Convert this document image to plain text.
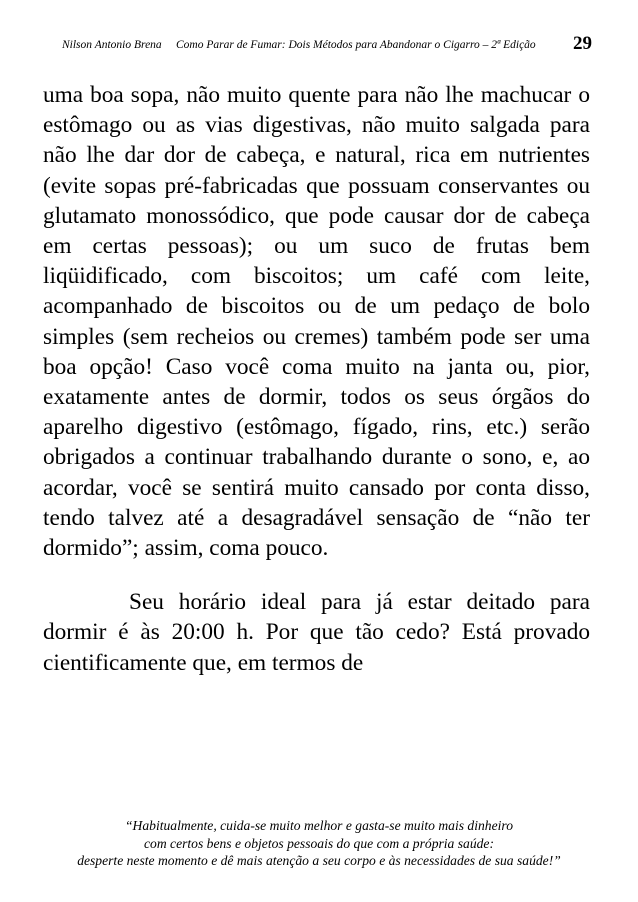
Nilson Antonio Brena Como Parar de Fumar: Dois Métodos para Abandonar o Cigarro – 2ª Edição 29

uma boa sopa, não muito quente para não lhe machucar o estômago ou as vias digestivas, não muito salgada para não lhe dar dor de cabeça, e natural, rica em nutrientes (evite sopas pré-fabricadas que possuam conservantes ou glutamato monossódico, que pode causar dor de cabeça em certas pessoas); ou um suco de frutas bem liqüidificado, com biscoitos; um café com leite, acompanhado de biscoitos ou de um pedaço de bolo simples (sem recheios ou cremes) também pode ser uma boa opção! Caso você coma muito na janta ou, pior, exatamente antes de dormir, todos os seus órgãos do aparelho digestivo (estômago, fígado, rins, etc.) serão obrigados a continuar trabalhando durante o sono, e, ao acordar, você se sentirá muito cansado por conta disso, tendo talvez até a desagradável sensação de “não ter dormido”; assim, coma pouco.

Seu horário ideal para já estar deitado para dormir é às 20:00 h. Por que tão cedo? Está provado cientificamente que, em termos de

“Habitualmente, cuida-se muito melhor e gasta-se muito mais dinheiro
com certos bens e objetos pessoais do que com a própria saúde:
desperte neste momento e dê mais atenção a seu corpo e às necessidades de sua saúde!”
